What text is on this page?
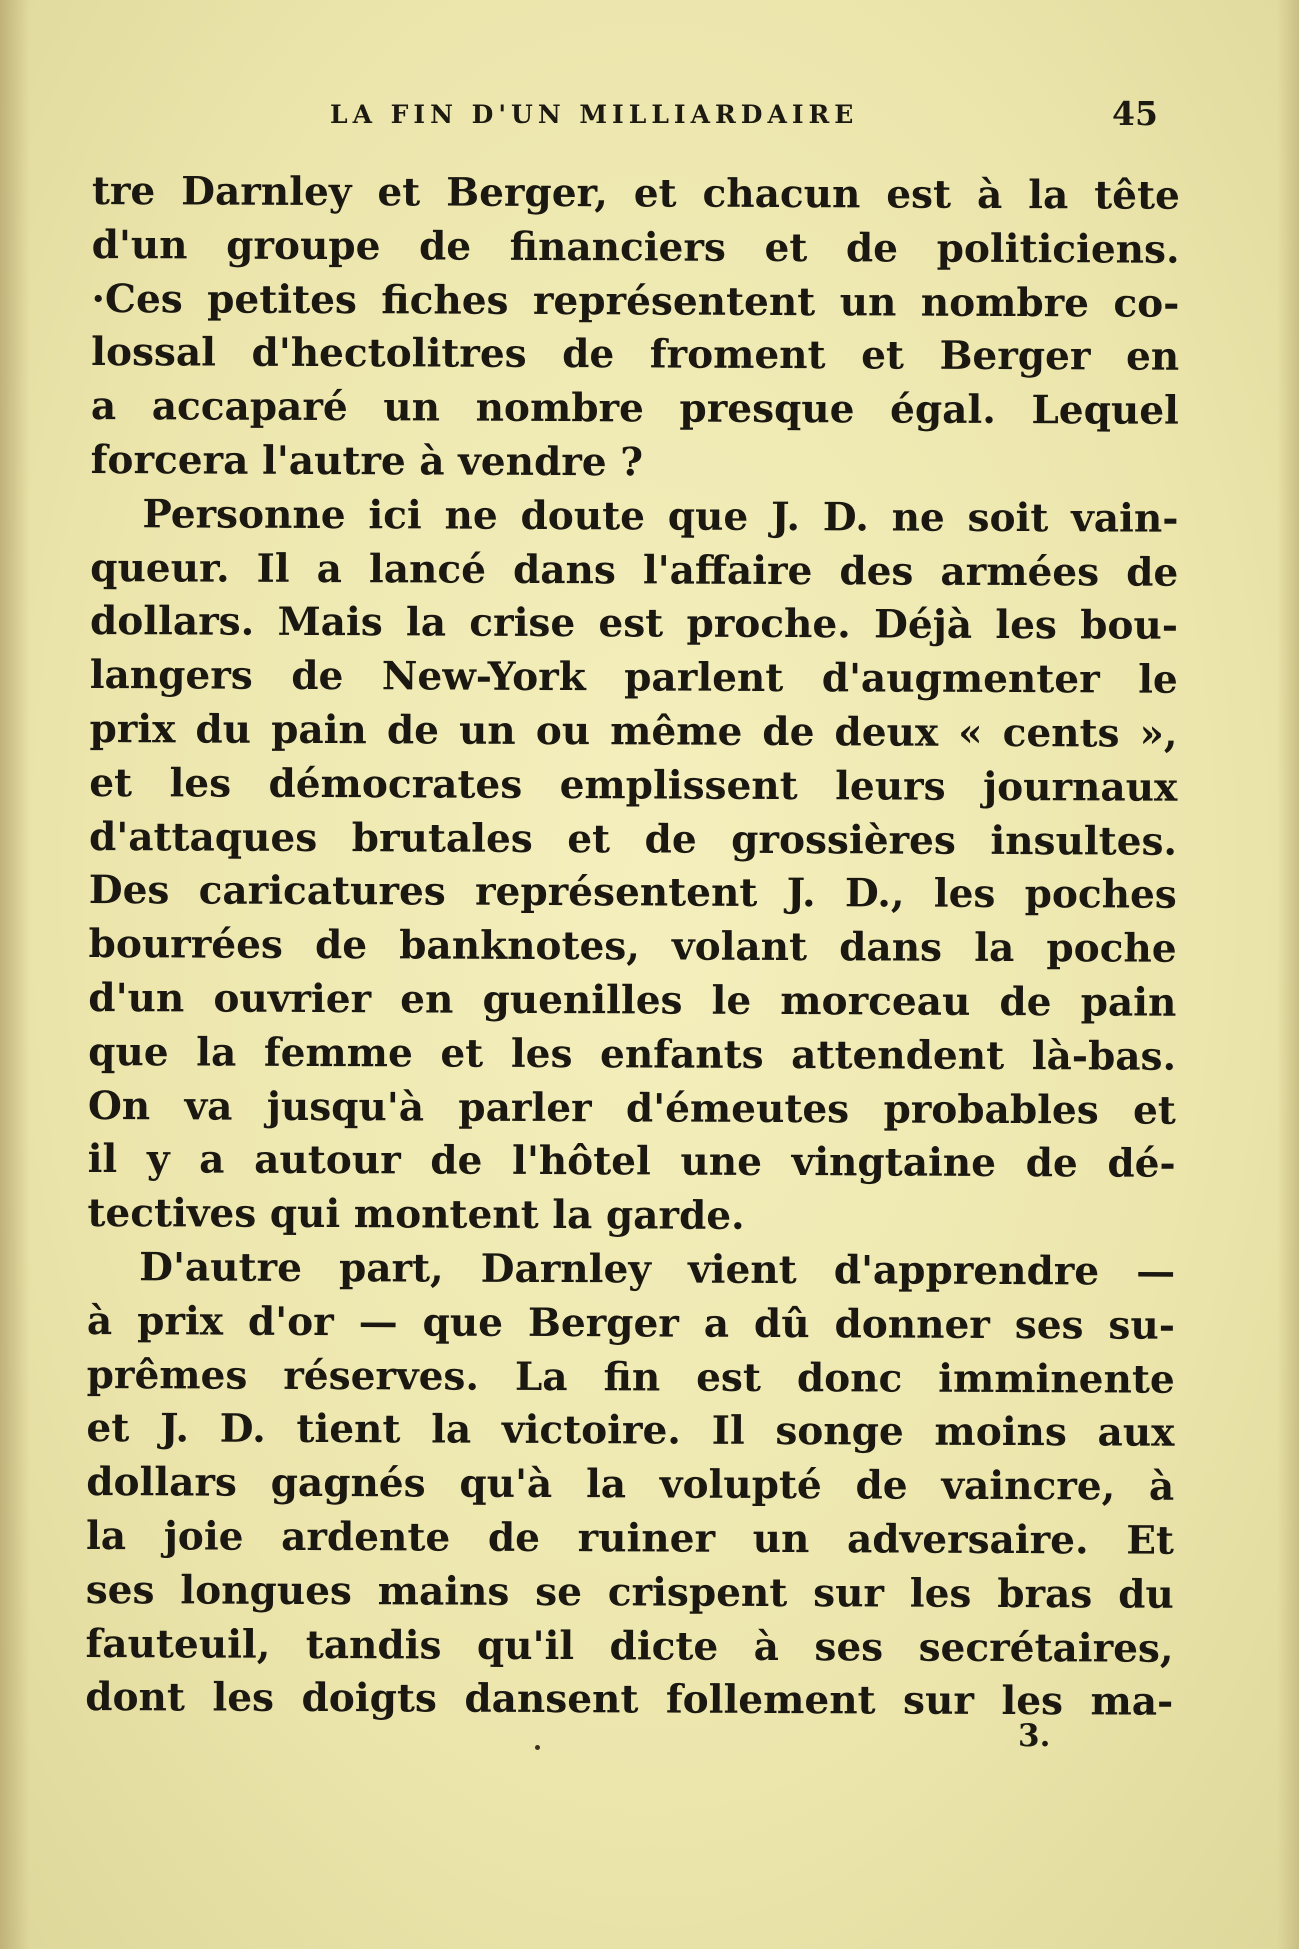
LA FIN D'UN MILLIARDAIRE	45
tre Darnley et Berger, et chacun est à la tête
d'un groupe de financiers et de politiciens.
·Ces petites fiches représentent un nombre co-
lossal d'hectolitres de froment et Berger en
a accaparé un nombre presque égal. Lequel
forcera l'autre à vendre ?
Personne ici ne doute que J. D. ne soit vain-
queur. Il a lancé dans l'affaire des armées de
dollars. Mais la crise est proche. Déjà les bou-
langers de New-York parlent d'augmenter le
prix du pain de un ou même de deux « cents »,
et les démocrates emplissent leurs journaux
d'attaques brutales et de grossières insultes.
Des caricatures représentent J. D., les poches
bourrées de banknotes, volant dans la poche
d'un ouvrier en guenilles le morceau de pain
que la femme et les enfants attendent là-bas.
On va jusqu'à parler d'émeutes probables et
il y a autour de l'hôtel une vingtaine de dé-
tectives qui montent la garde.
D'autre part, Darnley vient d'apprendre —
à prix d'or — que Berger a dû donner ses su-
prêmes réserves. La fin est donc imminente
et J. D. tient la victoire. Il songe moins aux
dollars gagnés qu'à la volupté de vaincre, à
la joie ardente de ruiner un adversaire. Et
ses longues mains se crispent sur les bras du
fauteuil, tandis qu'il dicte à ses secrétaires,
dont les doigts dansent follement sur les ma-
3.
